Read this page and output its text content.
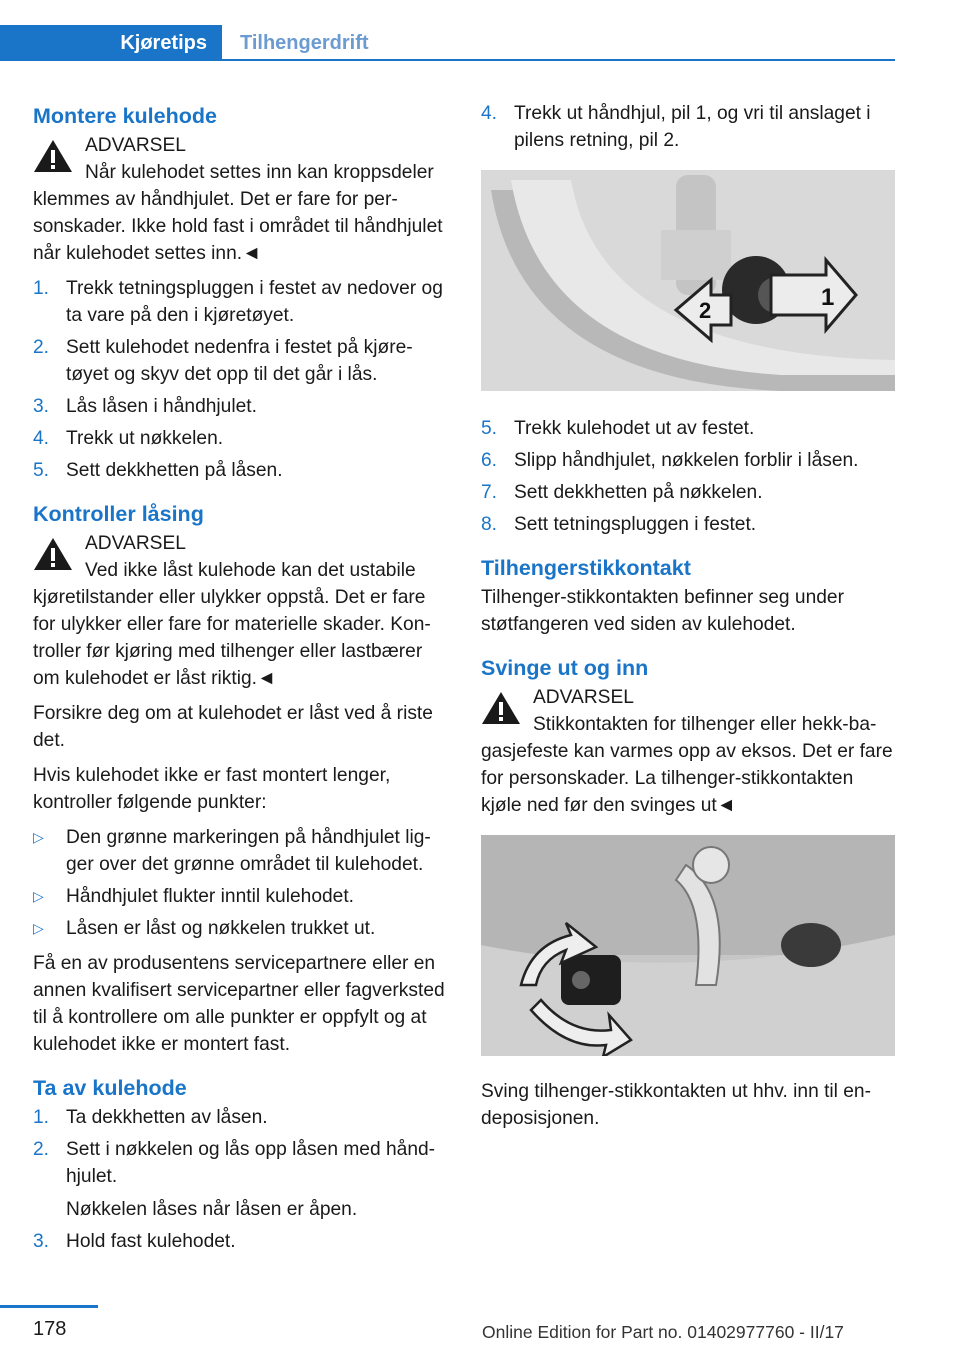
Kjøretips	Tilhengerdrift
Montere kulehode
ADVARSEL
Når kulehodet settes inn kan kroppsdeler klemmes av håndhjulet. Det er fare for personskader. Ikke hold fast i området til håndhjulet når kulehodet settes inn.◄
1. Trekk tetningspluggen i festet av nedover og ta vare på den i kjøretøyet.
2. Sett kulehodet nedenfra i festet på kjøretøyet og skyv det opp til det går i lås.
3. Lås låsen i håndhjulet.
4. Trekk ut nøkkelen.
5. Sett dekkhetten på låsen.
Kontroller låsing
ADVARSEL
Ved ikke låst kulehode kan det ustabile kjøretilstander eller ulykker oppstå. Det er fare for ulykker eller fare for materielle skader. Kontroller før kjøring med tilhenger eller lastbærer om kulehodet er låst riktig.◄

Forsikre deg om at kulehodet er låst ved å riste det.

Hvis kulehodet ikke er fast montert lenger, kontroller følgende punkter:

▷ Den grønne markeringen på håndhjulet ligger over det grønne området til kulehodet.
▷ Håndhjulet flukter inntil kulehodet.
▷ Låsen er låst og nøkkelen trukket ut.

Få en av produsentens servicepartnere eller en annen kvalifisert servicepartner eller fagverksted til å kontrollere om alle punkter er oppfylt og at kulehodet ikke er montert fast.

Ta av kulehode
1. Ta dekkhetten av låsen.
2. Sett i nøkkelen og lås opp låsen med håndhjulet.
Nøkkelen låses når låsen er åpen.
3. Hold fast kulehodet.
4. Trekk ut håndhjul, pil 1, og vri til anslaget i pilens retning, pil 2.
2	1
5. Trekk kulehodet ut av festet.
6. Slipp håndhjulet, nøkkelen forblir i låsen.
7. Sett dekkhetten på nøkkelen.
8. Sett tetningspluggen i festet.
Tilhengerstikkontakt

Tilhenger-stikkontakten befinner seg under støtfangeren ved siden av kulehodet.

Svinge ut og inn
ADVARSEL
Stikkontakten for tilhenger eller hekk-bagasjefeste kan varmes opp av eksos. Det er fare for personskader. La tilhenger-stikkontakten kjøle ned før den svinges ut◄

Sving tilhenger-stikkontakten ut hhv. inn til endeposisjonen.

178	Online Edition for Part no. 01402977760 - II/17
